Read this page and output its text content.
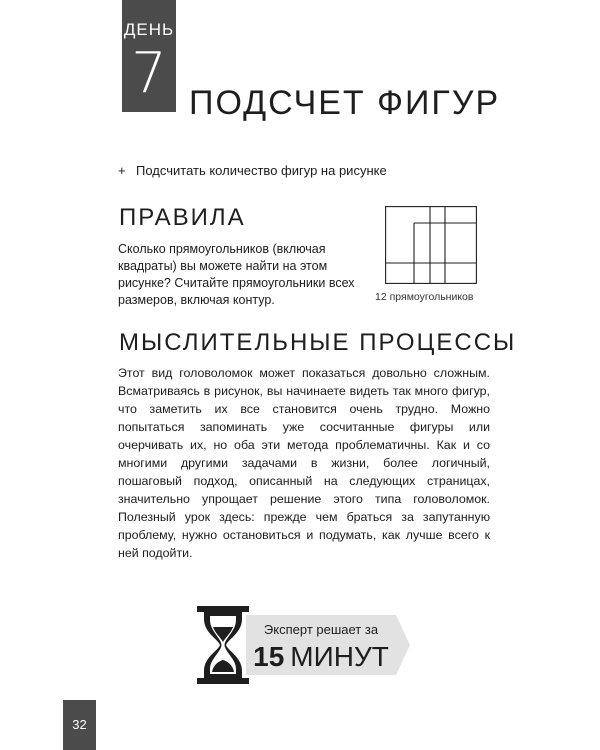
ДЕНЬ
7 ПОДСЧЕТ ФИГУР
+ Подсчитать количество фигур на рисунке
ПРАВИЛА

Сколько прямоугольников (включая квадраты) вы можете найти на этом рисунке? Считайте прямоугольники всех размеров, включая контур.	12 прямоугольников
МЫСЛИТЕЛЬНЫЕ ПРОЦЕССЫ

Этот вид головоломок может показаться довольно сложным. Всматриваясь в рисунок, вы начинаете видеть так много фигур, что заметить их все становится очень трудно. Можно попытаться запоминать уже сосчитанные фигуры или очерчивать их, но оба эти метода проблематичны. Как и со многими другими задачами в жизни, более логичный, пошаговый подход, описанный на следующих страницах, значительно упрощает решение этого типа головоломок. Полезный урок здесь: прежде чем браться за запутанную проблему, нужно остановиться и подумать, как лучше всего к ней подойти.

Эксперт решает за
15 МИНУТ
32
